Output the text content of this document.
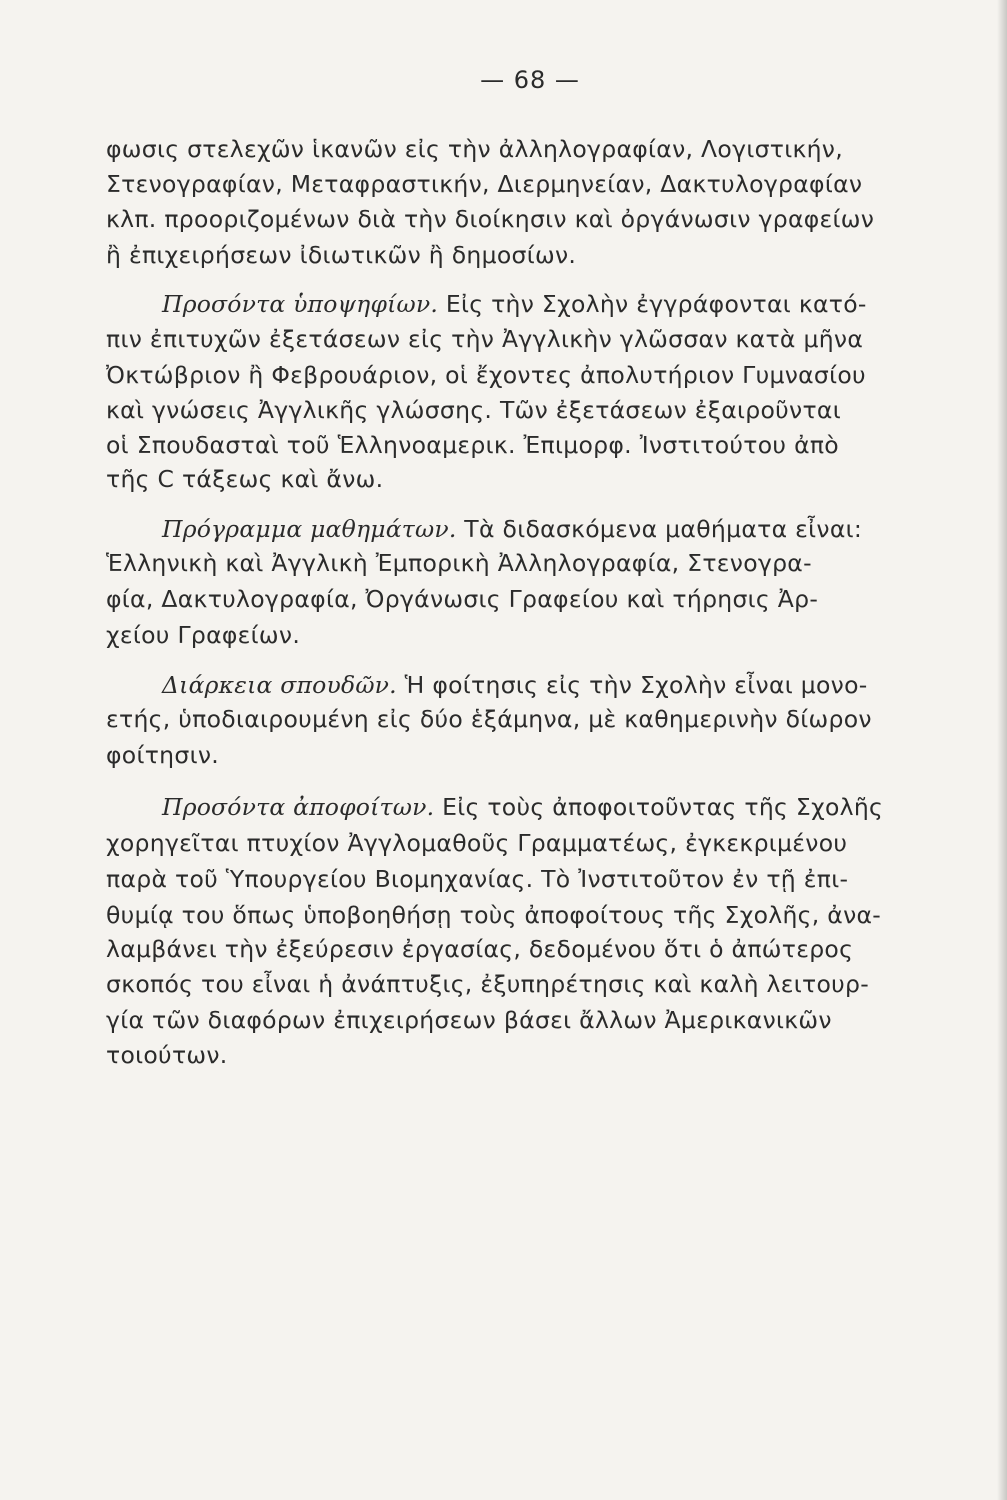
— 68 —
φωσις στελεχῶν ἱκανῶν εἰς τὴν ἀλληλογραφίαν, Λογιστικήν,
Στενογραφίαν, Μεταφραστικήν, Διερμηνείαν, Δακτυλογραφίαν
κλπ. προοριζομένων διὰ τὴν διοίκησιν καὶ ὀργάνωσιν γραφείων
ἢ ἐπιχειρήσεων ἰδιωτικῶν ἢ δημοσίων.
Προσόντα ὑποψηφίων. Εἰς τὴν Σχολὴν ἐγγράφονται κατό-
πιν ἐπιτυχῶν ἐξετάσεων εἰς τὴν Ἀγγλικὴν γλῶσσαν κατὰ μῆνα
Ὀκτώβριον ἢ Φεβρουάριον, οἱ ἔχοντες ἀπολυτήριον Γυμνασίου
καὶ γνώσεις Ἀγγλικῆς γλώσσης. Τῶν ἐξετάσεων ἐξαιροῦνται
οἱ Σπουδασταὶ τοῦ Ἑλληνοαμερικ. Ἐπιμορφ. Ἰνστιτούτου ἀπὸ
τῆς C τάξεως καὶ ἄνω.
Πρόγραμμα μαθημάτων. Τὰ διδασκόμενα μαθήματα εἶναι:
Ἑλληνικὴ καὶ Ἀγγλικὴ Ἐμπορικὴ Ἀλληλογραφία, Στενογρα-
φία, Δακτυλογραφία, Ὀργάνωσις Γραφείου καὶ τήρησις Ἀρ-
χείου Γραφείων.
Διάρκεια σπουδῶν. Ἡ φοίτησις εἰς τὴν Σχολὴν εἶναι μονο-
ετής, ὑποδιαιρουμένη εἰς δύο ἑξάμηνα, μὲ καθημερινὴν δίωρον
φοίτησιν.
Προσόντα ἀποφοίτων. Εἰς τοὺς ἀποφοιτοῦντας τῆς Σχολῆς
χορηγεῖται πτυχίον Ἀγγλομαθοῦς Γραμματέως, ἐγκεκριμένου
παρὰ τοῦ Ὑπουργείου Βιομηχανίας. Τὸ Ἰνστιτοῦτον ἐν τῇ ἐπι-
θυμίᾳ του ὅπως ὑποβοηθήσῃ τοὺς ἀποφοίτους τῆς Σχολῆς, ἀνα-
λαμβάνει τὴν ἐξεύρεσιν ἐργασίας, δεδομένου ὅτι ὁ ἀπώτερος
σκοπός του εἶναι ἡ ἀνάπτυξις, ἐξυπηρέτησις καὶ καλὴ λειτουρ-
γία τῶν διαφόρων ἐπιχειρήσεων βάσει ἄλλων Ἀμερικανικῶν
τοιούτων.
